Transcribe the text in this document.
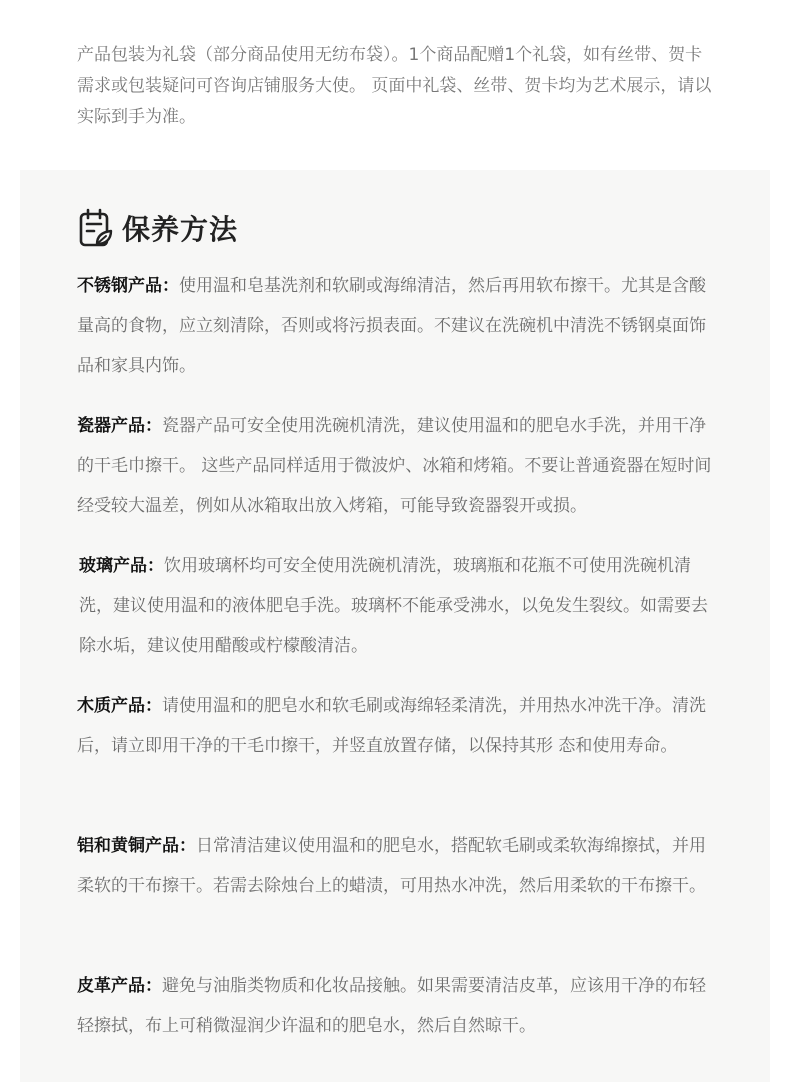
产品包装为礼袋（部分商品使用无纺布袋）。1个商品配赠1个礼袋，如有丝带、贺卡需求或包装疑问可咨询店铺服务大使。 页面中礼袋、丝带、贺卡均为艺术展示，请以实际到手为准。

保养方法

不锈钢产品：使用温和皂基洗剂和软刷或海绵清洁，然后再用软布擦干。尤其是含酸量高的食物，应立刻清除，否则或将污损表面。不建议在洗碗机中清洗不锈钢桌面饰品和家具内饰。

瓷器产品：瓷器产品可安全使用洗碗机清洗，建议使用温和的肥皂水手洗，并用干净的干毛巾擦干。 这些产品同样适用于微波炉、冰箱和烤箱。不要让普通瓷器在短时间经受较大温差，例如从冰箱取出放入烤箱，可能导致瓷器裂开或损。

玻璃产品：饮用玻璃杯均可安全使用洗碗机清洗，玻璃瓶和花瓶不可使用洗碗机清洗，建议使用温和的液体肥皂手洗。玻璃杯不能承受沸水，以免发生裂纹。如需要去除水垢，建议使用醋酸或柠檬酸清洁。

木质产品：请使用温和的肥皂水和软毛刷或海绵轻柔清洗，并用热水冲洗干净。清洗后，请立即用干净的干毛巾擦干，并竖直放置存储，以保持其形 态和使用寿命。

铝和黄铜产品：日常清洁建议使用温和的肥皂水，搭配软毛刷或柔软海绵擦拭，并用柔软的干布擦干。若需去除烛台上的蜡渍，可用热水冲洗，然后用柔软的干布擦干。

皮革产品：避免与油脂类物质和化妆品接触。如果需要清洁皮革，应该用干净的布轻轻擦拭，布上可稍微湿润少许温和的肥皂水，然后自然晾干。
